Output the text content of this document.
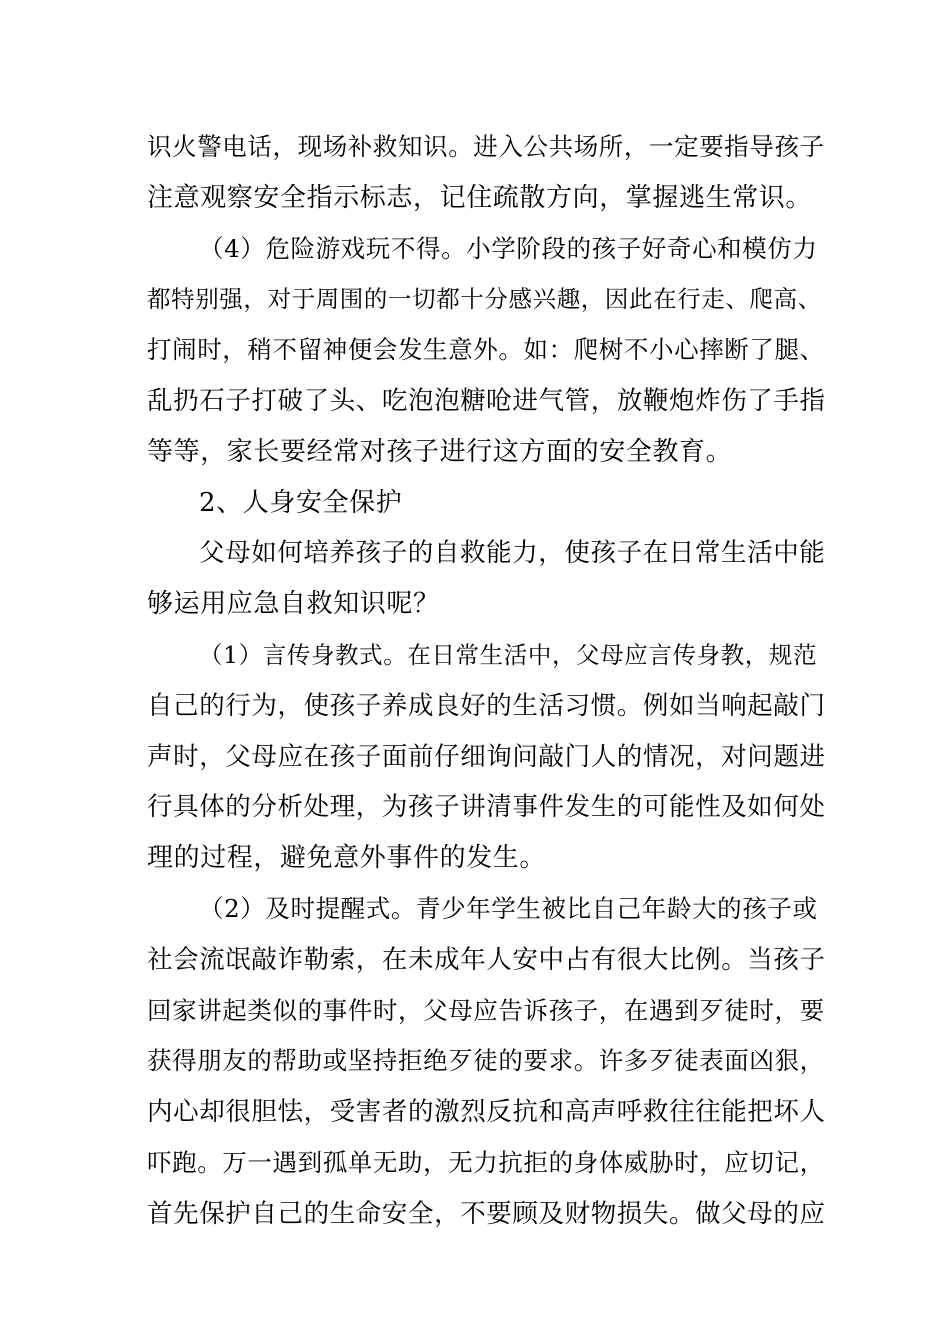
识火警电话，现场补救知识。进入公共场所，一定要指导孩子
注意观察安全指示标志，记住疏散方向，掌握逃生常识。
（4）危险游戏玩不得。小学阶段的孩子好奇心和模仿力
都特别强，对于周围的一切都十分感兴趣，因此在行走、爬高、
打闹时，稍不留神便会发生意外。如：爬树不小心摔断了腿、
乱扔石子打破了头、吃泡泡糖呛进气管，放鞭炮炸伤了手指
等等，家长要经常对孩子进行这方面的安全教育。
2、人身安全保护
父母如何培养孩子的自救能力，使孩子在日常生活中能
够运用应急自救知识呢？
（1）言传身教式。在日常生活中，父母应言传身教，规范
自己的行为，使孩子养成良好的生活习惯。例如当响起敲门
声时，父母应在孩子面前仔细询问敲门人的情况，对问题进
行具体的分析处理，为孩子讲清事件发生的可能性及如何处
理的过程，避免意外事件的发生。
（2）及时提醒式。青少年学生被比自己年龄大的孩子或
社会流氓敲诈勒索，在未成年人安中占有很大比例。当孩子
回家讲起类似的事件时，父母应告诉孩子，在遇到歹徒时，要
获得朋友的帮助或坚持拒绝歹徒的要求。许多歹徒表面凶狠，
内心却很胆怯，受害者的激烈反抗和高声呼救往往能把坏人
吓跑。万一遇到孤单无助，无力抗拒的身体威胁时，应切记，
首先保护自己的生命安全，不要顾及财物损失。做父母的应
